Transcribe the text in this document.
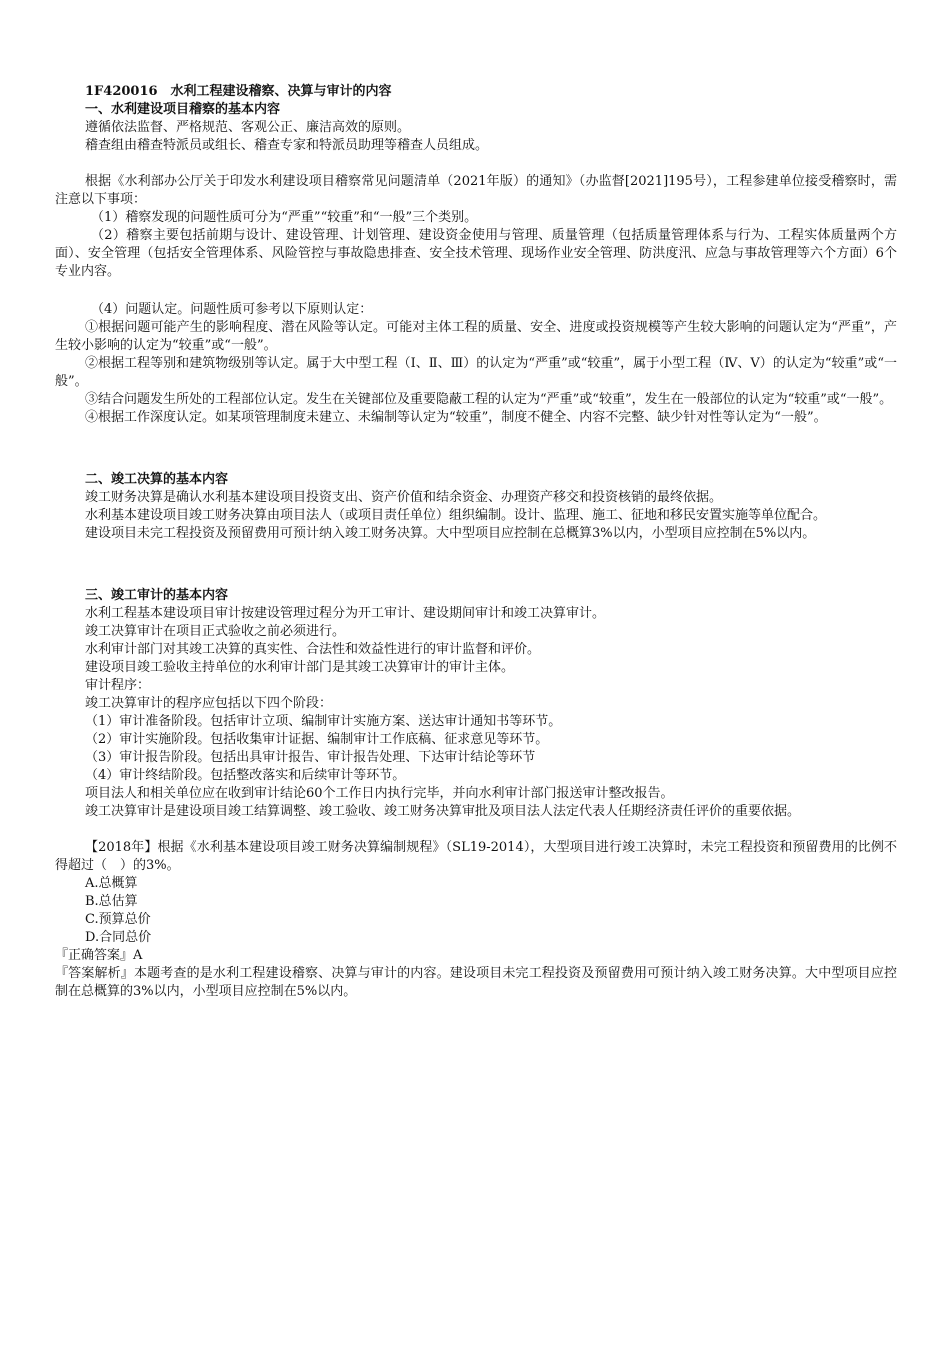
1F420016　水利工程建设稽察、决算与审计的内容

一、水利建设项目稽察的基本内容

遵循依法监督、严格规范、客观公正、廉洁高效的原则。

稽查组由稽查特派员或组长、稽查专家和特派员助理等稽查人员组成。

根据《水利部办公厅关于印发水利建设项目稽察常见问题清单（2021年版）的通知》（办监督[2021]195号），工程参建单位接受稽察时，需注意以下事项：

（1）稽察发现的问题性质可分为“严重”“较重”和“一般”三个类别。

（2）稽察主要包括前期与设计、建设管理、计划管理、建设资金使用与管理、质量管理（包括质量管理体系与行为、工程实体质量两个方面）、安全管理（包括安全管理体系、风险管控与事故隐患排查、安全技术管理、现场作业安全管理、防洪度汛、应急与事故管理等六个方面）6个专业内容。

（4）问题认定。问题性质可参考以下原则认定：

①根据问题可能产生的影响程度、潜在风险等认定。可能对主体工程的质量、安全、进度或投资规模等产生较大影响的问题认定为“严重”，产生较小影响的认定为“较重”或“一般”。

②根据工程等别和建筑物级别等认定。属于大中型工程（Ⅰ、Ⅱ、Ⅲ）的认定为“严重”或“较重”，属于小型工程（Ⅳ、Ⅴ）的认定为“较重”或“一般”。

③结合问题发生所处的工程部位认定。发生在关键部位及重要隐蔽工程的认定为“严重”或“较重”，发生在一般部位的认定为“较重”或“一般”。

④根据工作深度认定。如某项管理制度未建立、未编制等认定为“较重”，制度不健全、内容不完整、缺少针对性等认定为“一般”。

二、竣工决算的基本内容

竣工财务决算是确认水利基本建设项目投资支出、资产价值和结余资金、办理资产移交和投资核销的最终依据。

水利基本建设项目竣工财务决算由项目法人（或项目责任单位）组织编制。设计、监理、施工、征地和移民安置实施等单位配合。

建设项目未完工程投资及预留费用可预计纳入竣工财务决算。大中型项目应控制在总概算3%以内，小型项目应控制在5%以内。

三、竣工审计的基本内容

水利工程基本建设项目审计按建设管理过程分为开工审计、建设期间审计和竣工决算审计。

竣工决算审计在项目正式验收之前必须进行。

水利审计部门对其竣工决算的真实性、合法性和效益性进行的审计监督和评价。

建设项目竣工验收主持单位的水利审计部门是其竣工决算审计的审计主体。

审计程序：

竣工决算审计的程序应包括以下四个阶段：

（1）审计准备阶段。包括审计立项、编制审计实施方案、送达审计通知书等环节。

（2）审计实施阶段。包括收集审计证据、编制审计工作底稿、征求意见等环节。

（3）审计报告阶段。包括出具审计报告、审计报告处理、下达审计结论等环节

（4）审计终结阶段。包括整改落实和后续审计等环节。

项目法人和相关单位应在收到审计结论60个工作日内执行完毕，并向水利审计部门报送审计整改报告。

竣工决算审计是建设项目竣工结算调整、竣工验收、竣工财务决算审批及项目法人法定代表人任期经济责任评价的重要依据。

【2018年】根据《水利基本建设项目竣工财务决算编制规程》（SL19-2014），大型项目进行竣工决算时，未完工程投资和预留费用的比例不得超过（　）的3%。

A.总概算

B.总估算

C.预算总价

D.合同总价

『正确答案』A

『答案解析』本题考查的是水利工程建设稽察、决算与审计的内容。建设项目未完工程投资及预留费用可预计纳入竣工财务决算。大中型项目应控制在总概算的3%以内，小型项目应控制在5%以内。
